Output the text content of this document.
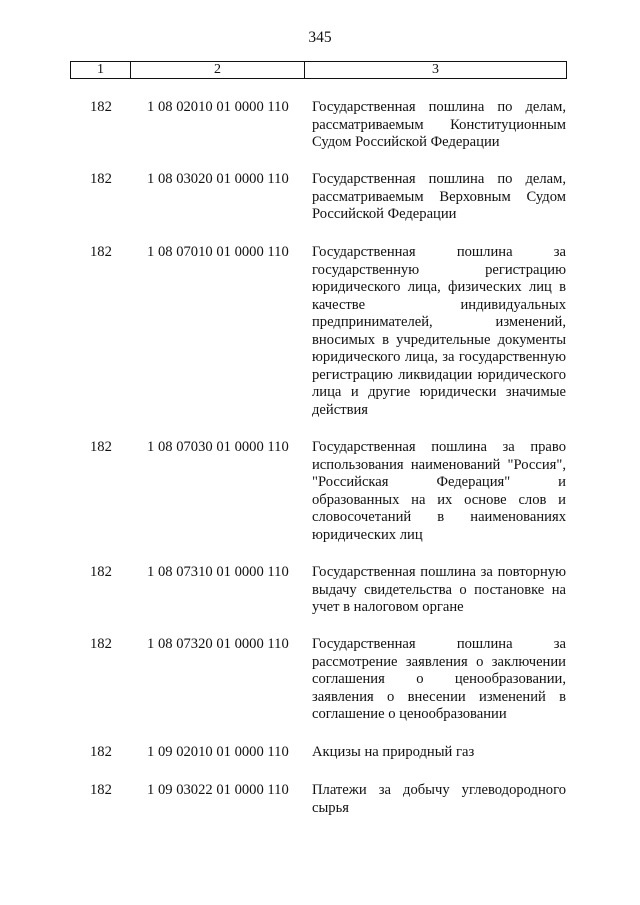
345
1	2	3
182 1 08 02010 01 0000 110 Государственная пошлина по делам, рассматриваемым Конституционным Судом Российской Федерации
182 1 08 03020 01 0000 110 Государственная пошлина по делам, рассматриваемым Верховным Судом Российской Федерации
182 1 08 07010 01 0000 110 Государственная пошлина за государственную регистрацию юридического лица, физических лиц в качестве индивидуальных предпринимателей, изменений, вносимых в учредительные документы юридического лица, за государственную регистрацию ликвидации юридического лица и другие юридически значимые действия
182 1 08 07030 01 0000 110 Государственная пошлина за право использования наименований "Россия", "Российская Федерация" и образованных на их основе слов и словосочетаний в наименованиях юридических лиц
182 1 08 07310 01 0000 110 Государственная пошлина за повторную выдачу свидетельства о постановке на учет в налоговом органе
182 1 08 07320 01 0000 110 Государственная пошлина за рассмотрение заявления о заключении соглашения о ценообразовании, заявления о внесении изменений в соглашение о ценообразовании
182 1 09 02010 01 0000 110 Акцизы на природный газ
182 1 09 03022 01 0000 110 Платежи за добычу углеводородного сырья
